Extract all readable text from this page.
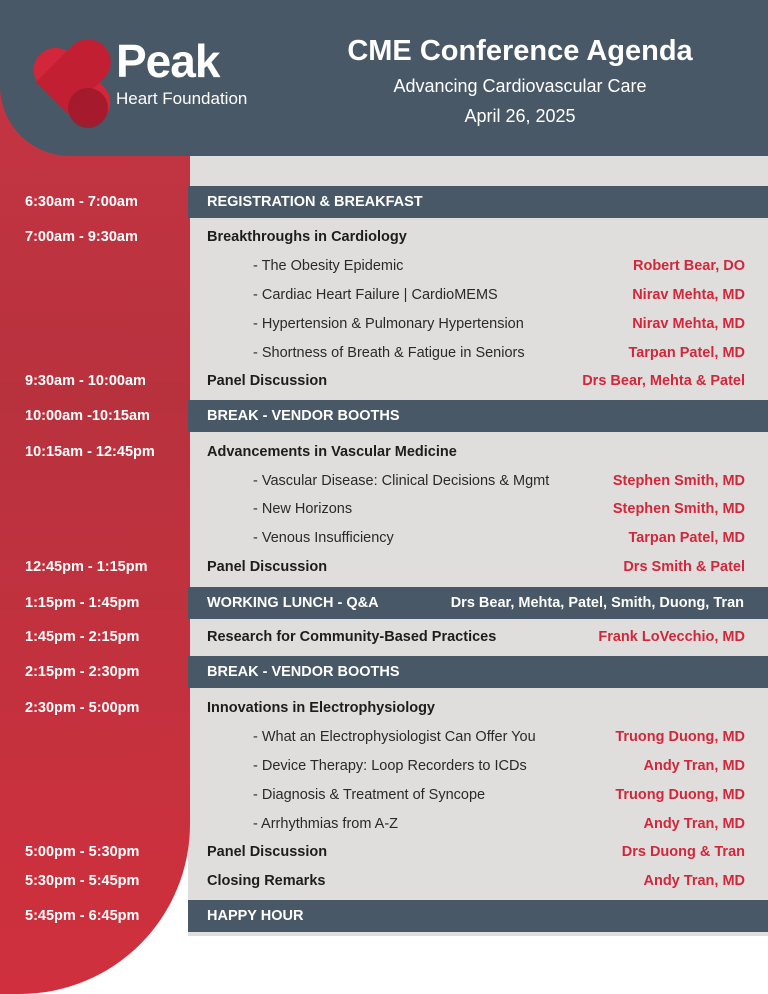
Peak
Heart Foundation
CME Conference Agenda
Advancing Cardiovascular Care
April 26, 2025
6:30am - 7:00am	REGISTRATION & BREAKFAST
7:00am - 9:30am	Breakthroughs in Cardiology
- The Obesity Epidemic	Robert Bear, DO
- Cardiac Heart Failure | CardioMEMS	Nirav Mehta, MD
- Hypertension & Pulmonary Hypertension	Nirav Mehta, MD
- Shortness of Breath & Fatigue in Seniors	Tarpan Patel, MD
9:30am - 10:00am	Panel Discussion	Drs Bear, Mehta & Patel
10:00am -10:15am	BREAK - VENDOR BOOTHS
10:15am - 12:45pm	Advancements in Vascular Medicine
- Vascular Disease: Clinical Decisions & Mgmt	Stephen Smith, MD
- New Horizons	Stephen Smith, MD
- Venous Insufficiency	Tarpan Patel, MD
12:45pm - 1:15pm	Panel Discussion	Drs Smith & Patel
1:15pm - 1:45pm	WORKING LUNCH - Q&A	Drs Bear, Mehta, Patel, Smith, Duong, Tran
1:45pm - 2:15pm	Research for Community-Based Practices	Frank LoVecchio, MD
2:15pm - 2:30pm	BREAK - VENDOR BOOTHS
2:30pm - 5:00pm	Innovations in Electrophysiology
- What an Electrophysiologist Can Offer You	Truong Duong, MD
- Device Therapy: Loop Recorders to ICDs	Andy Tran, MD
- Diagnosis & Treatment of Syncope	Truong Duong, MD
- Arrhythmias from A-Z	Andy Tran, MD
5:00pm - 5:30pm	Panel Discussion	Drs Duong & Tran
5:30pm - 5:45pm	Closing Remarks	Andy Tran, MD
5:45pm - 6:45pm	HAPPY HOUR
